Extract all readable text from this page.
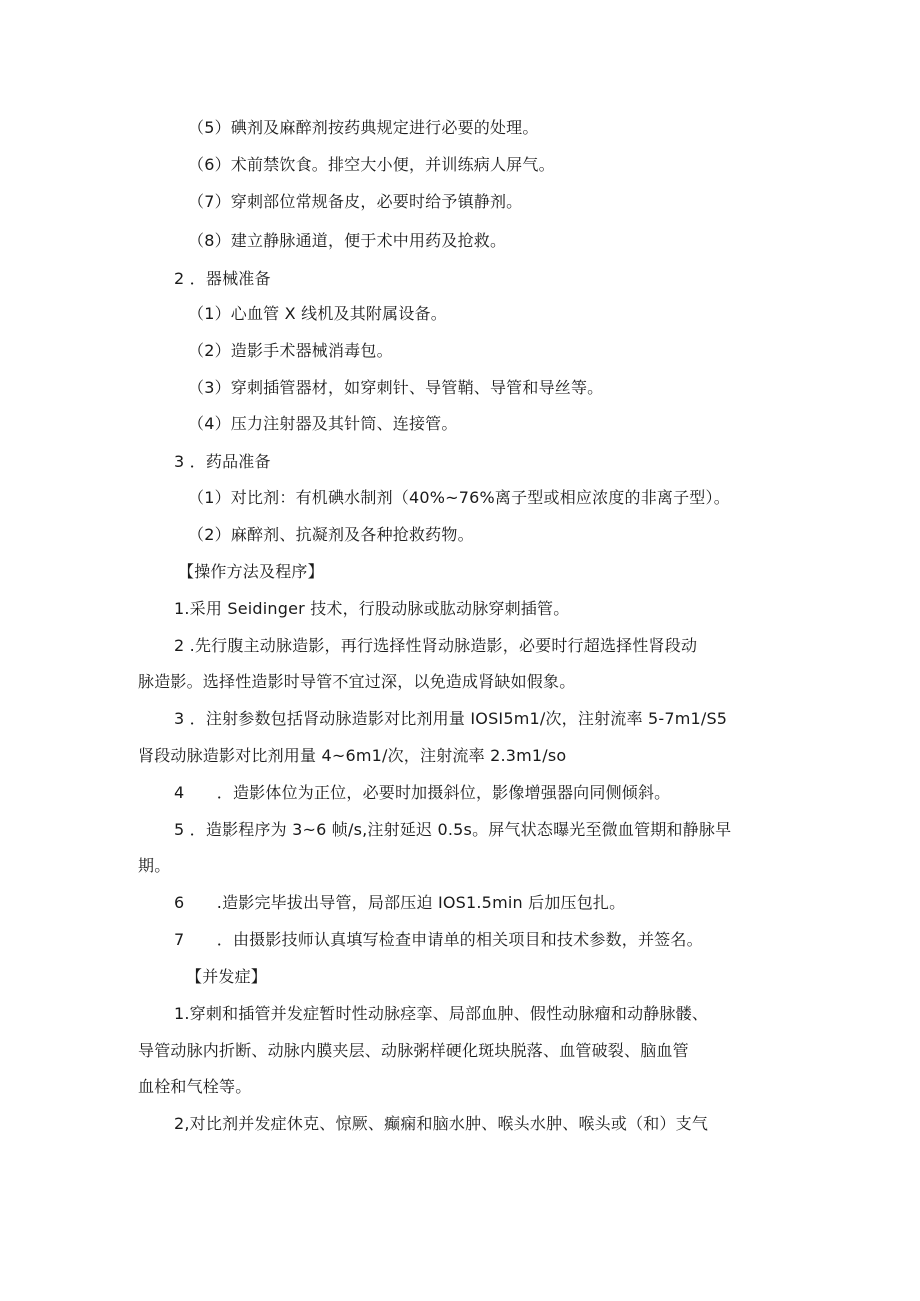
（5）碘剂及麻醉剂按药典规定进行必要的处理。
（6）术前禁饮食。排空大小便，并训练病人屏气。
（7）穿刺部位常规备皮，必要时给予镇静剂。
（8）建立静脉通道，便于术中用药及抢救。
2 ．器械准备
（1）心血管 X 线机及其附属设备。
（2）造影手术器械消毒包。
（3）穿刺插管器材，如穿刺针、导管鞘、导管和导丝等。
（4）压力注射器及其针筒、连接管。
3 ．药品准备
（1）对比剂：有机碘水制剂（40%~76%离子型或相应浓度的非离子型）。
（2）麻醉剂、抗凝剂及各种抢救药物。
【操作方法及程序】
1.采用 Seidinger 技术，行股动脉或肱动脉穿刺插管。
2 .先行腹主动脉造影，再行选择性肾动脉造影，必要时行超选择性肾段动
脉造影。选择性造影时导管不宜过深，以免造成肾缺如假象。
3 ．注射参数包括肾动脉造影对比剂用量 IOSI5m1∕次，注射流率 5-7m1∕S5
肾段动脉造影对比剂用量 4~6m1∕次，注射流率 2.3m1∕so
4　　．造影体位为正位，必要时加摄斜位，影像增强器向同侧倾斜。
5 ．造影程序为 3~6 帧/s,注射延迟 0.5s。屏气状态曝光至微血管期和静脉早
期。
6　　.造影完毕拔出导管，局部压迫 IOS1.5min 后加压包扎。
7　　．由摄影技师认真填写检查申请单的相关项目和技术参数，并签名。
【并发症】
1.穿刺和插管并发症暂时性动脉痉挛、局部血肿、假性动脉瘤和动静脉髅、
导管动脉内折断、动脉内膜夹层、动脉粥样硬化斑块脱落、血管破裂、脑血管
血栓和气栓等。
2,对比剂并发症休克、惊厥、癫痫和脑水肿、喉头水肿、喉头或（和）支气
